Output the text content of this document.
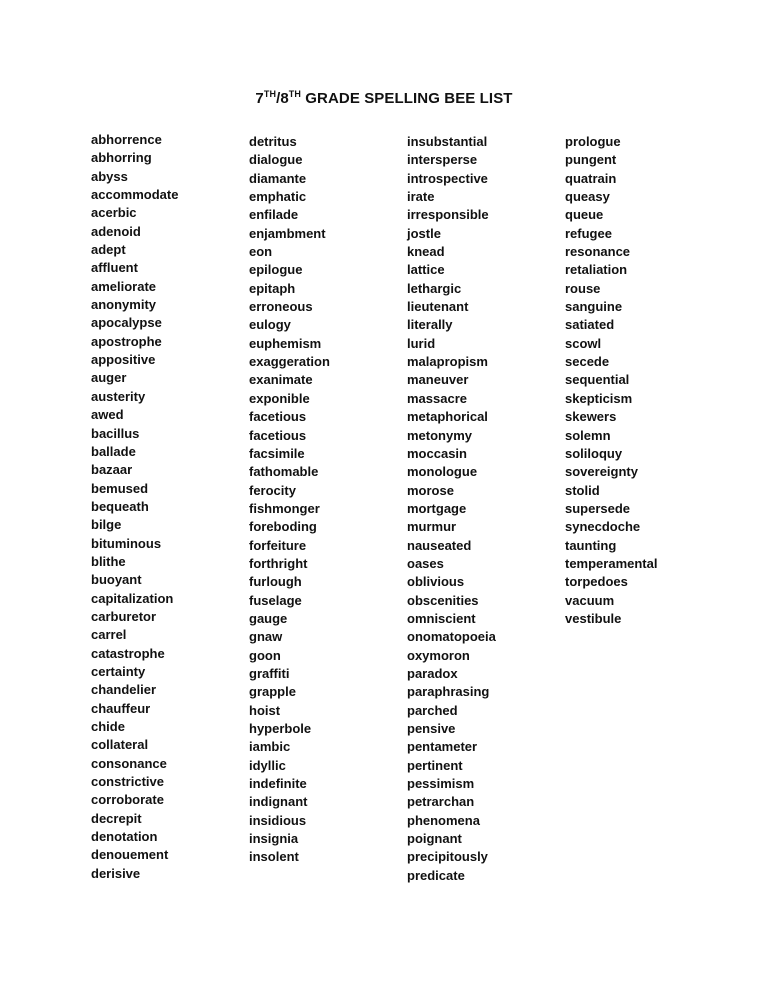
7TH/8TH GRADE SPELLING BEE LIST
abhorrence
abhorring
abyss
accommodate
acerbic
adenoid
adept
affluent
ameliorate
anonymity
apocalypse
apostrophe
appositive
auger
austerity
awed
bacillus
ballade
bazaar
bemused
bequeath
bilge
bituminous
blithe
buoyant
capitalization
carburetor
carrel
catastrophe
certainty
chandelier
chauffeur
chide
collateral
consonance
constrictive
corroborate
decrepit
denotation
denouement
derisive
detritus
dialogue
diamante
emphatic
enfilade
enjambment
eon
epilogue
epitaph
erroneous
eulogy
euphemism
exaggeration
exanimate
exponible
facetious
facetious
facsimile
fathomable
ferocity
fishmonger
foreboding
forfeiture
forthright
furlough
fuselage
gauge
gnaw
goon
graffiti
grapple
hoist
hyperbole
iambic
idyllic
indefinite
indignant
insidious
insignia
insolent
insubstantial
intersperse
introspective
irate
irresponsible
jostle
knead
lattice
lethargic
lieutenant
literally
lurid
malapropism
maneuver
massacre
metaphorical
metonymy
moccasin
monologue
morose
mortgage
murmur
nauseated
oases
oblivious
obscenities
omniscient
onomatopoeia
oxymoron
paradox
paraphrasing
parched
pensive
pentameter
pertinent
pessimism
petrarchan
phenomena
poignant
precipitously
predicate
prologue
pungent
quatrain
queasy
queue
refugee
resonance
retaliation
rouse
sanguine
satiated
scowl
secede
sequential
skepticism
skewers
solemn
soliloquy
sovereignty
stolid
supersede
synecdoche
taunting
temperamental
torpedoes
vacuum
vestibule
